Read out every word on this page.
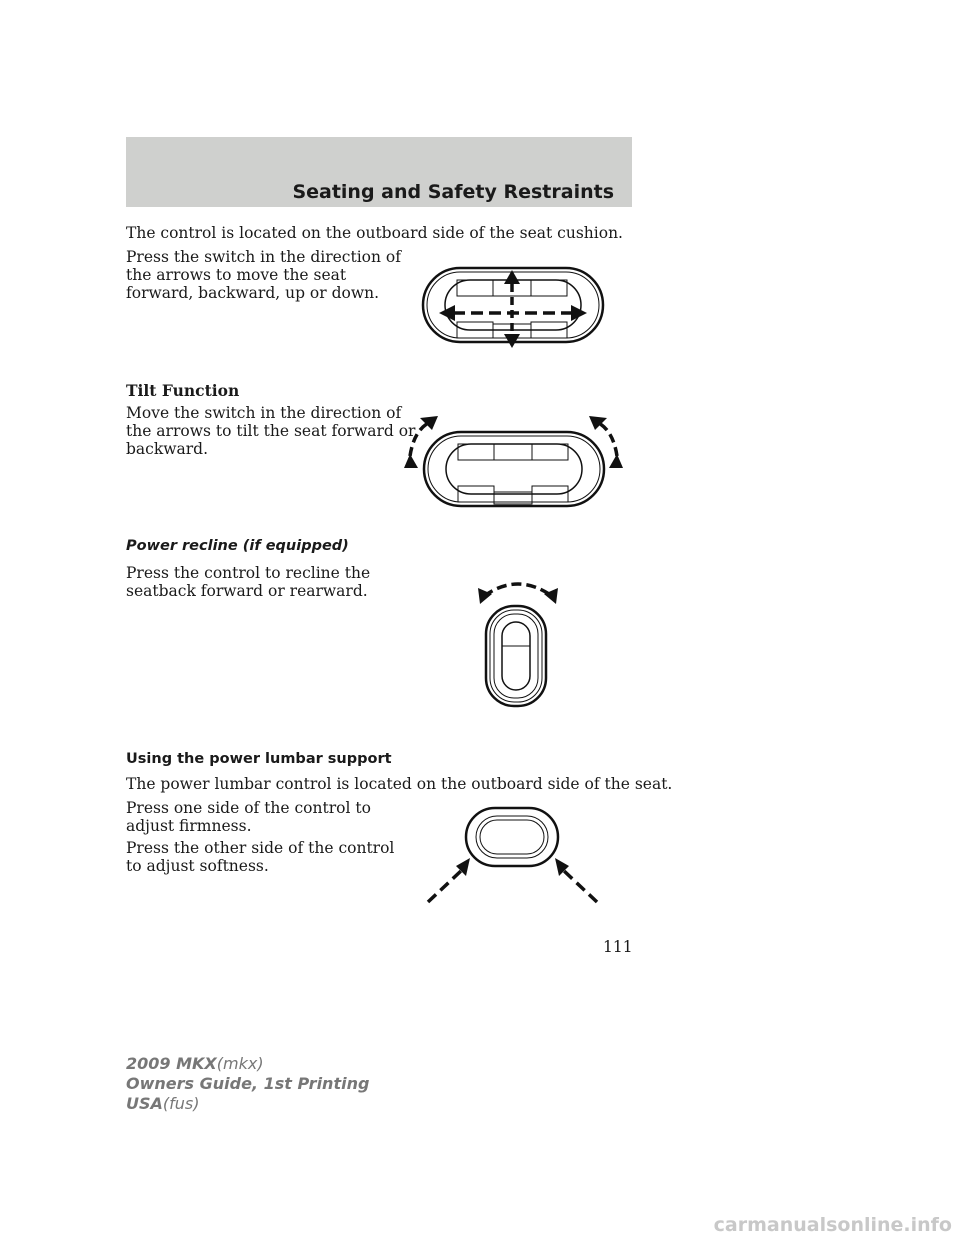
Seating and Safety Restraints

The control is located on the outboard side of the seat cushion.

Press the switch in the direction of
the arrows to move the seat
forward, backward, up or down.

Tilt Function

Move the switch in the direction of
the arrows to tilt the seat forward or
backward.

Power recline (if equipped)

Press the control to recline the
seatback forward or rearward.

Using the power lumbar support

The power lumbar control is located on the outboard side of the seat.

Press one side of the control to
adjust firmness.

Press the other side of the control
to adjust softness.

111
2009 MKX(mkx)
Owners Guide, 1st Printing
USA(fus)
carmanualsonline.info
